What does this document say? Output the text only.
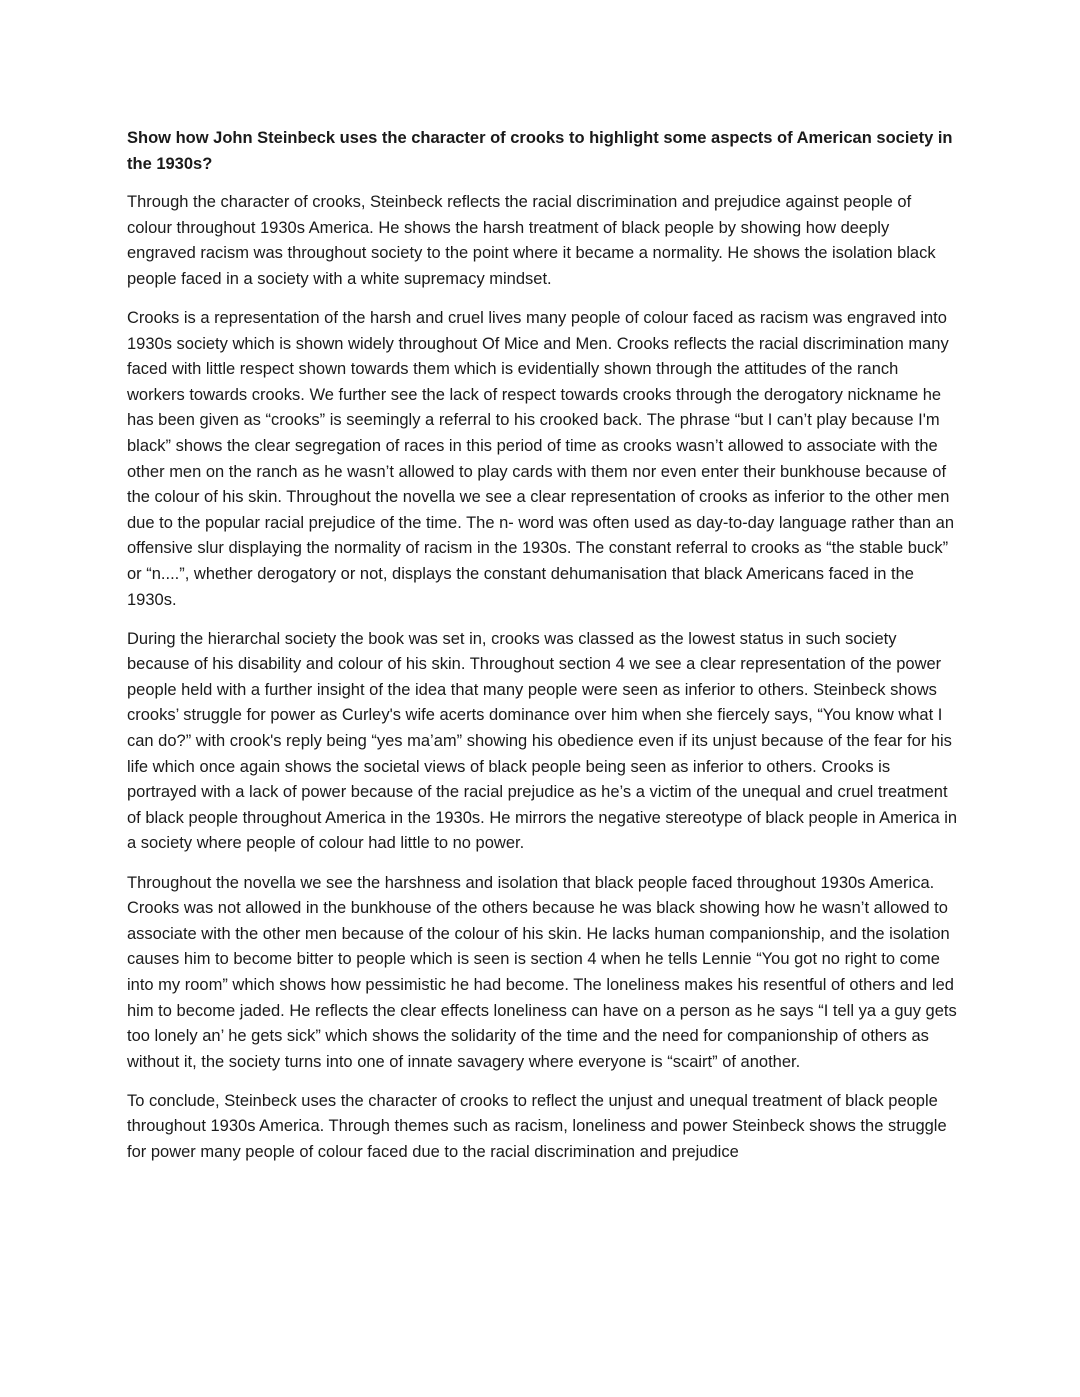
Show how John Steinbeck uses the character of crooks to highlight some aspects of American society in the 1930s?

Through the character of crooks, Steinbeck reflects the racial discrimination and prejudice against people of colour throughout 1930s America. He shows the harsh treatment of black people by showing how deeply engraved racism was throughout society to the point where it became a normality. He shows the isolation black people faced in a society with a white supremacy mindset.

Crooks is a representation of the harsh and cruel lives many people of colour faced as racism was engraved into 1930s society which is shown widely throughout Of Mice and Men. Crooks reflects the racial discrimination many faced with little respect shown towards them which is evidentially shown through the attitudes of the ranch workers towards crooks. We further see the lack of respect towards crooks through the derogatory nickname he has been given as “crooks” is seemingly a referral to his crooked back. The phrase “but I can’t play because I'm black” shows the clear segregation of races in this period of time as crooks wasn’t allowed to associate with the other men on the ranch as he wasn’t allowed to play cards with them nor even enter their bunkhouse because of the colour of his skin. Throughout the novella we see a clear representation of crooks as inferior to the other men due to the popular racial prejudice of the time. The n- word was often used as day-to-day language rather than an offensive slur displaying the normality of racism in the 1930s. The constant referral to crooks as “the stable buck” or “n....”, whether derogatory or not, displays the constant dehumanisation that black Americans faced in the 1930s.

During the hierarchal society the book was set in, crooks was classed as the lowest status in such society because of his disability and colour of his skin. Throughout section 4 we see a clear representation of the power people held with a further insight of the idea that many people were seen as inferior to others. Steinbeck shows crooks’ struggle for power as Curley's wife acerts dominance over him when she fiercely says, “You know what I can do?” with crook's reply being “yes ma’am” showing his obedience even if its unjust because of the fear for his life which once again shows the societal views of black people being seen as inferior to others. Crooks is portrayed with a lack of power because of the racial prejudice as he’s a victim of the unequal and cruel treatment of black people throughout America in the 1930s. He mirrors the negative stereotype of black people in America in a society where people of colour had little to no power.

Throughout the novella we see the harshness and isolation that black people faced throughout 1930s America. Crooks was not allowed in the bunkhouse of the others because he was black showing how he wasn’t allowed to associate with the other men because of the colour of his skin. He lacks human companionship, and the isolation causes him to become bitter to people which is seen is section 4 when he tells Lennie “You got no right to come into my room” which shows how pessimistic he had become. The loneliness makes his resentful of others and led him to become jaded. He reflects the clear effects loneliness can have on a person as he says “I tell ya a guy gets too lonely an’ he gets sick” which shows the solidarity of the time and the need for companionship of others as without it, the society turns into one of innate savagery where everyone is “scairt” of another.

To conclude, Steinbeck uses the character of crooks to reflect the unjust and unequal treatment of black people throughout 1930s America. Through themes such as racism, loneliness and power Steinbeck shows the struggle for power many people of colour faced due to the racial discrimination and prejudice
